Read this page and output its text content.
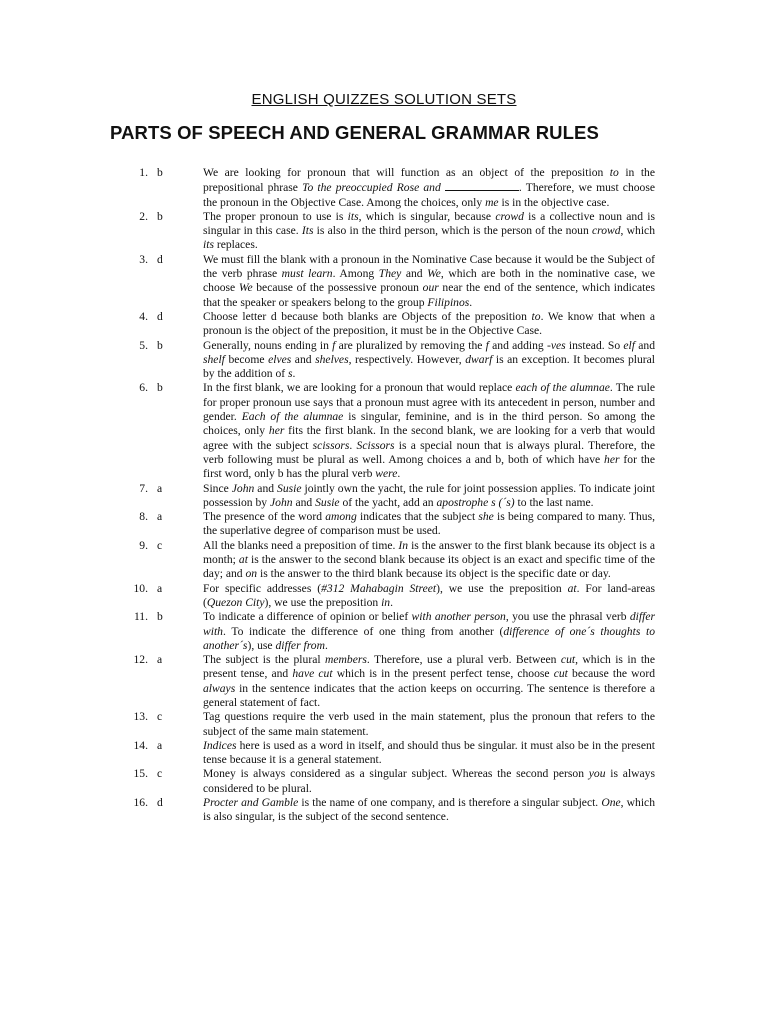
ENGLISH QUIZZES SOLUTION SETS
PARTS OF SPEECH AND GENERAL GRAMMAR RULES
1. b	We are looking for pronoun that will function as an object of the preposition to in the prepositional phrase To the preoccupied Rose and	. Therefore, we must choose the pronoun in the Objective Case. Among the choices, only me is in the objective case.
2. b	The proper pronoun to use is its, which is singular, because crowd is a collective noun and is singular in this case. Its is also in the third person, which is the person of the noun crowd, which its replaces.
3. d	We must fill the blank with a pronoun in the Nominative Case because it would be the Subject of the verb phrase must learn. Among They and We, which are both in the nominative case, we choose We because of the possessive pronoun our near the end of the sentence, which indicates that the speaker or speakers belong to the group Filipinos.
4. d	Choose letter d because both blanks are Objects of the preposition to. We know that when a pronoun is the object of the preposition, it must be in the Objective Case.
5. b	Generally, nouns ending in f are pluralized by removing the f and adding -ves instead. So elf and shelf become elves and shelves, respectively. However, dwarf is an exception. It becomes plural by the addition of s.
6. b	In the first blank, we are looking for a pronoun that would replace each of the alumnae. The rule for proper pronoun use says that a pronoun must agree with its antecedent in person, number and gender. Each of the alumnae is singular, feminine, and is in the third person. So among the choices, only her fits the first blank. In the second blank, we are looking for a verb that would agree with the subject scissors. Scissors is a special noun that is always plural. Therefore, the verb following must be plural as well. Among choices a and b, both of which have her for the first word, only b has the plural verb were.
7. a	Since John and Susie jointly own the yacht, the rule for joint possession applies. To indicate joint possession by John and Susie of the yacht, add an apostrophe s (´s) to the last name.
8. a	The presence of the word among indicates that the subject she is being compared to many. Thus, the superlative degree of comparison must be used.
9. c	All the blanks need a preposition of time. In is the answer to the first blank because its object is a month; at is the answer to the second blank because its object is an exact and specific time of the day; and on is the answer to the third blank because its object is the specific date or day.
10. a	For specific addresses (#312 Mahabagin Street), we use the preposition at. For land-areas (Quezon City), we use the preposition in.
11. b	To indicate a difference of opinion or belief with another person, you use the phrasal verb differ with. To indicate the difference of one thing from another (difference of one´s thoughts to another´s), use differ from.
12. a	The subject is the plural members. Therefore, use a plural verb. Between cut, which is in the present tense, and have cut which is in the present perfect tense, choose cut because the word always in the sentence indicates that the action keeps on occurring. The sentence is therefore a general statement of fact.
13. c	Tag questions require the verb used in the main statement, plus the pronoun that refers to the subject of the same main statement.
14. a	Indices here is used as a word in itself, and should thus be singular. it must also be in the present tense because it is a general statement.
15. c	Money is always considered as a singular subject. Whereas the second person you is always considered to be plural.
16. d	Procter and Gamble is the name of one company, and is therefore a singular subject. One, which is also singular, is the subject of the second sentence.
